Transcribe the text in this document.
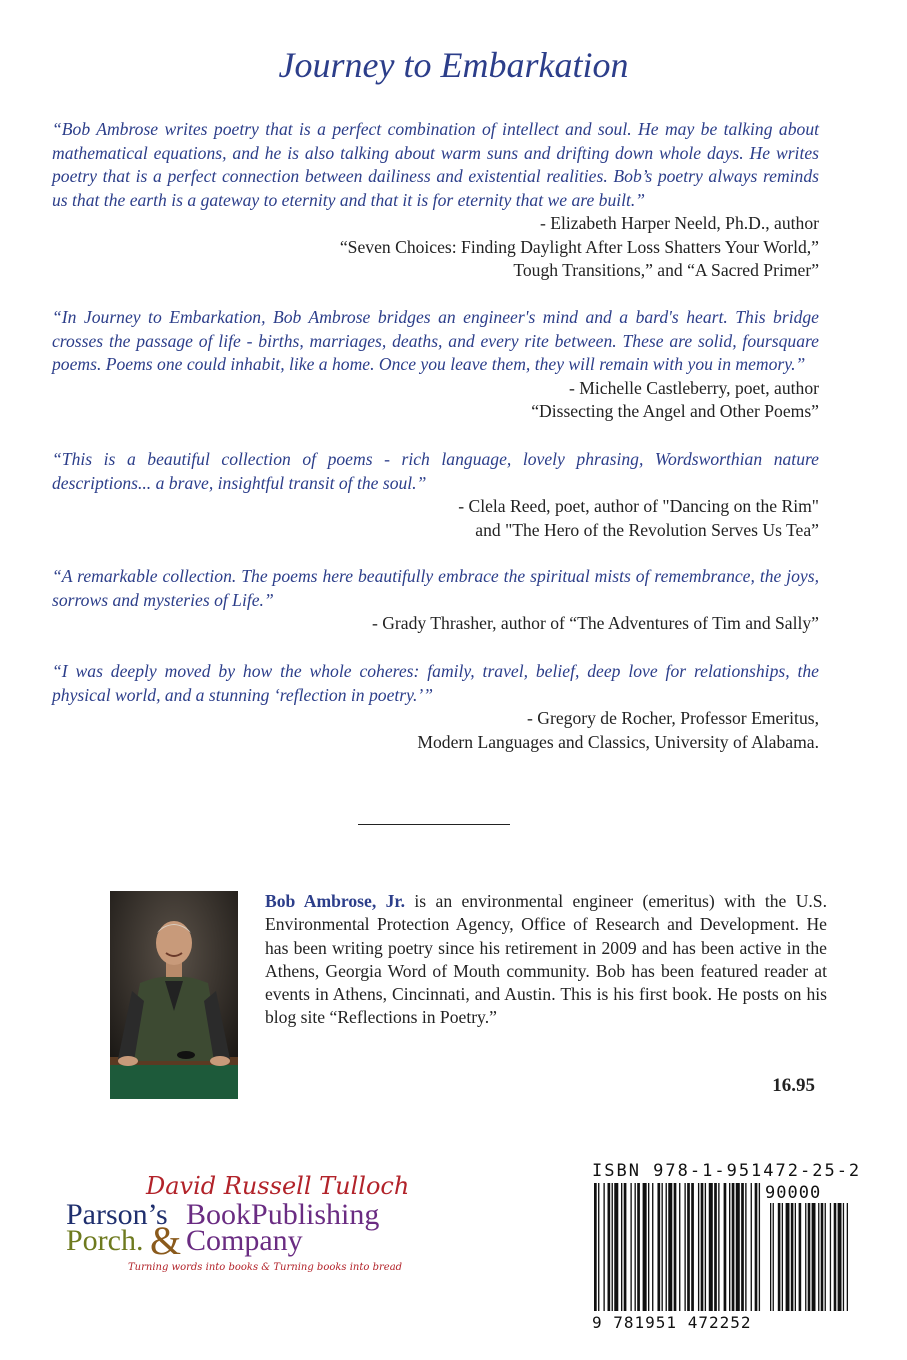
Journey to Embarkation

“Bob Ambrose writes poetry that is a perfect combination of intellect and soul. He may be talking about mathematical equations, and he is also talking about warm suns and drifting down whole days. He writes poetry that is a perfect connection between dailiness and existential realities. Bob’s poetry always reminds us that the earth is a gateway to eternity and that it is for eternity that we are built.”

- Elizabeth Harper Neeld, Ph.D., author
“Seven Choices: Finding Daylight After Loss Shatters Your World,”
Tough Transitions,” and “A Sacred Primer”

“In Journey to Embarkation, Bob Ambrose bridges an engineer's mind and a bard's heart. This bridge crosses the passage of life - births, marriages, deaths, and every rite between. These are solid, foursquare poems. Poems one could inhabit, like a home. Once you leave them, they will remain with you in memory.”

- Michelle Castleberry, poet, author
“Dissecting the Angel and Other Poems”

“This is a beautiful collection of poems - rich language, lovely phrasing, Wordsworthian nature descriptions... a brave, insightful transit of the soul.”

- Clela Reed, poet, author of "Dancing on the Rim"
and "The Hero of the Revolution Serves Us Tea”

“A remarkable collection. The poems here beautifully embrace the spiritual mists of remembrance, the joys, sorrows and mysteries of Life.”

- Grady Thrasher, author of “The Adventures of Tim and Sally”

“I was deeply moved by how the whole coheres: family, travel, belief, deep love for relationships, the physical world, and a stunning ‘reflection in poetry.’”

- Gregory de Rocher, Professor Emeritus,
Modern Languages and Classics, University of Alabama.

Bob Ambrose, Jr. is an environmental engineer (emeritus) with the U.S. Environmental Protection Agency, Office of Research and Development. He has been writing poetry since his retirement in 2009 and has been active in the Athens, Georgia Word of Mouth community. Bob has been featured reader at events in Athens, Cincinnati, and Austin. This is his first book. He posts on his blog site “Reflections in Poetry.”

16.95
David Russell Tulloch
Parson’s BookPublishing
Porch. & Company
Turning words into books & Turning books into bread
ISBN 978-1-951472-25-2
90000
9 781951 472252
